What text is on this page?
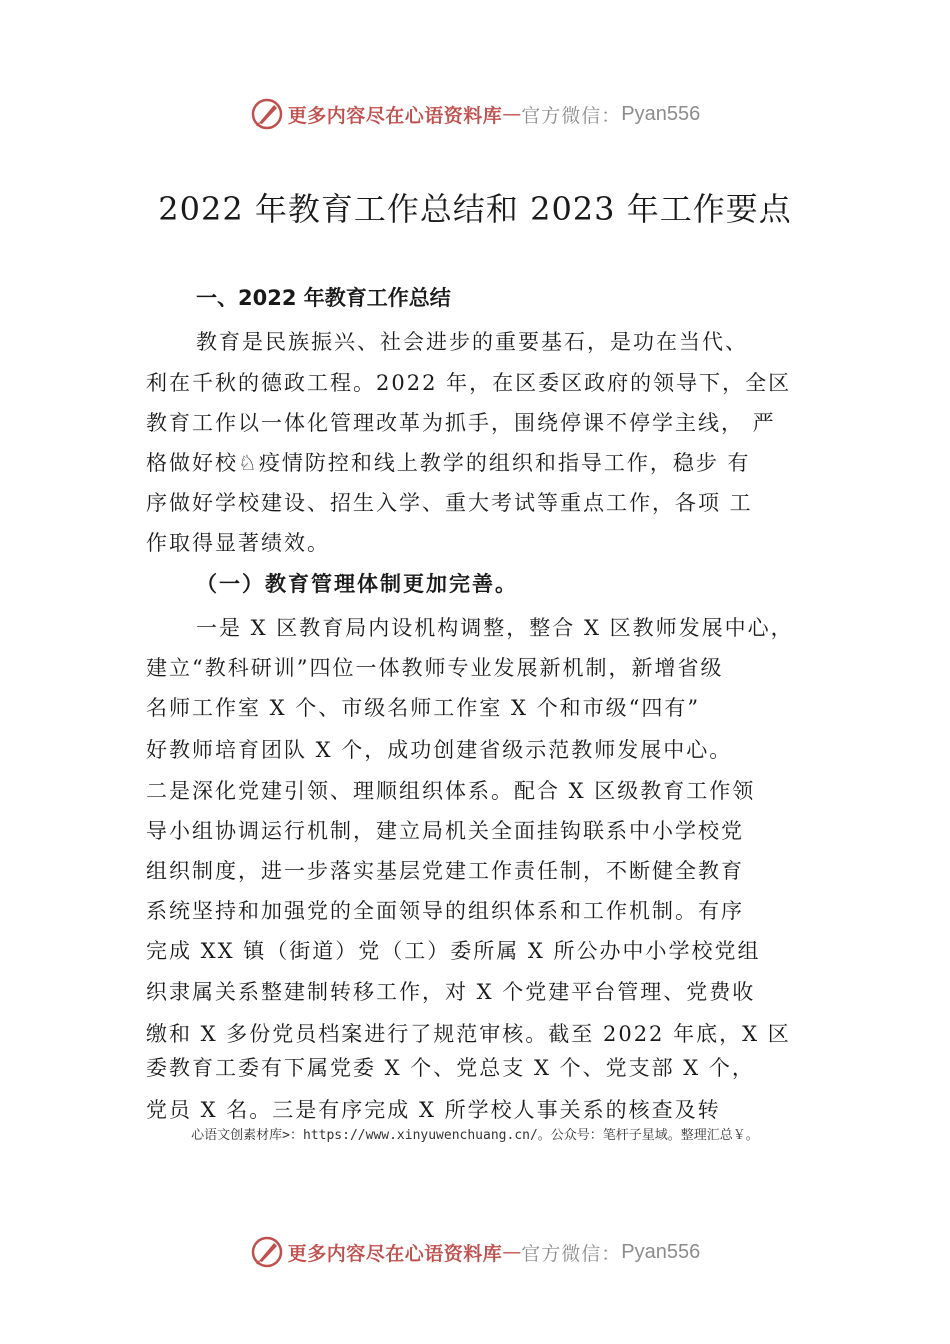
更多内容尽在心语资料库 — 官方微信： Pyan556
2022 年教育工作总结和 2023 年工作要点
一、2022 年教育工作总结
教育是民族振兴、社会进步的重要基石，是功在当代、
利在千秋的德政工程。2022 年，在区委区政府的领导下，全区
教育工作以一体化管理改革为抓手，围绕停课不停学主线， 严
格做好校♘疫情防控和线上教学的组织和指导工作，稳步 有
序做好学校建设、招生入学、重大考试等重点工作，各项 工
作取得显著绩效。
（一）教育管理体制更加完善。
一是 X 区教育局内设机构调整，整合 X 区教师发展中心，
建立“教科研训”四位一体教师专业发展新机制，新增省级
名师工作室 X 个、市级名师工作室 X 个和市级“四有”
好教师培育团队 X 个，成功创建省级示范教师发展中心。
二是深化党建引领、理顺组织体系。配合 X 区级教育工作领
导小组协调运行机制，建立局机关全面挂钩联系中小学校党
组织制度，进一步落实基层党建工作责任制，不断健全教育
系统坚持和加强党的全面领导的组织体系和工作机制。有序
完成 XX 镇（街道）党（工）委所属 X 所公办中小学校党组
织隶属关系整建制转移工作，对 X 个党建平台管理、党费收
缴和 X 多份党员档案进行了规范审核。截至 2022 年底，X 区
委教育工委有下属党委 X 个、党总支 X 个、党支部 X 个，
党员 X 名。三是有序完成 X 所学校人事关系的核查及转
心语文创素材库>：https://www.xinyuwenchuang.cn/。公众号：笔杆子星域。整理汇总￥。
更多内容尽在心语资料库 — 官方微信： Pyan556
